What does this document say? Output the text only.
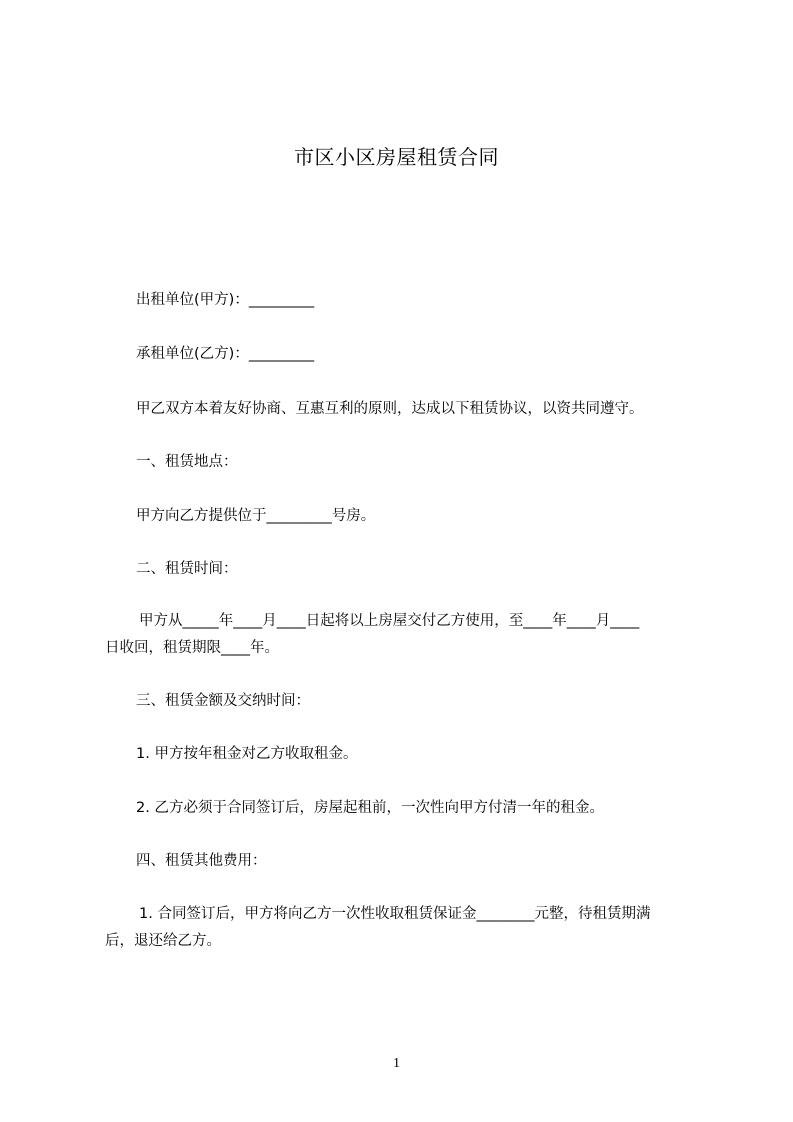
市区小区房屋租赁合同
出租单位(甲方)：_________
承租单位(乙方)：_________
甲乙双方本着友好协商、互惠互利的原则，达成以下租赁协议，以资共同遵守。
一、租赁地点：
甲方向乙方提供位于_________号房。
二、租赁时间：
甲方从_____年____月____日起将以上房屋交付乙方使用，至____年____月____
日收回，租赁期限____年。
三、租赁金额及交纳时间：
1. 甲方按年租金对乙方收取租金。
2. 乙方必须于合同签订后，房屋起租前，一次性向甲方付清一年的租金。
四、租赁其他费用：
1. 合同签订后，甲方将向乙方一次性收取租赁保证金________元整，待租赁期满
后，退还给乙方。
1
